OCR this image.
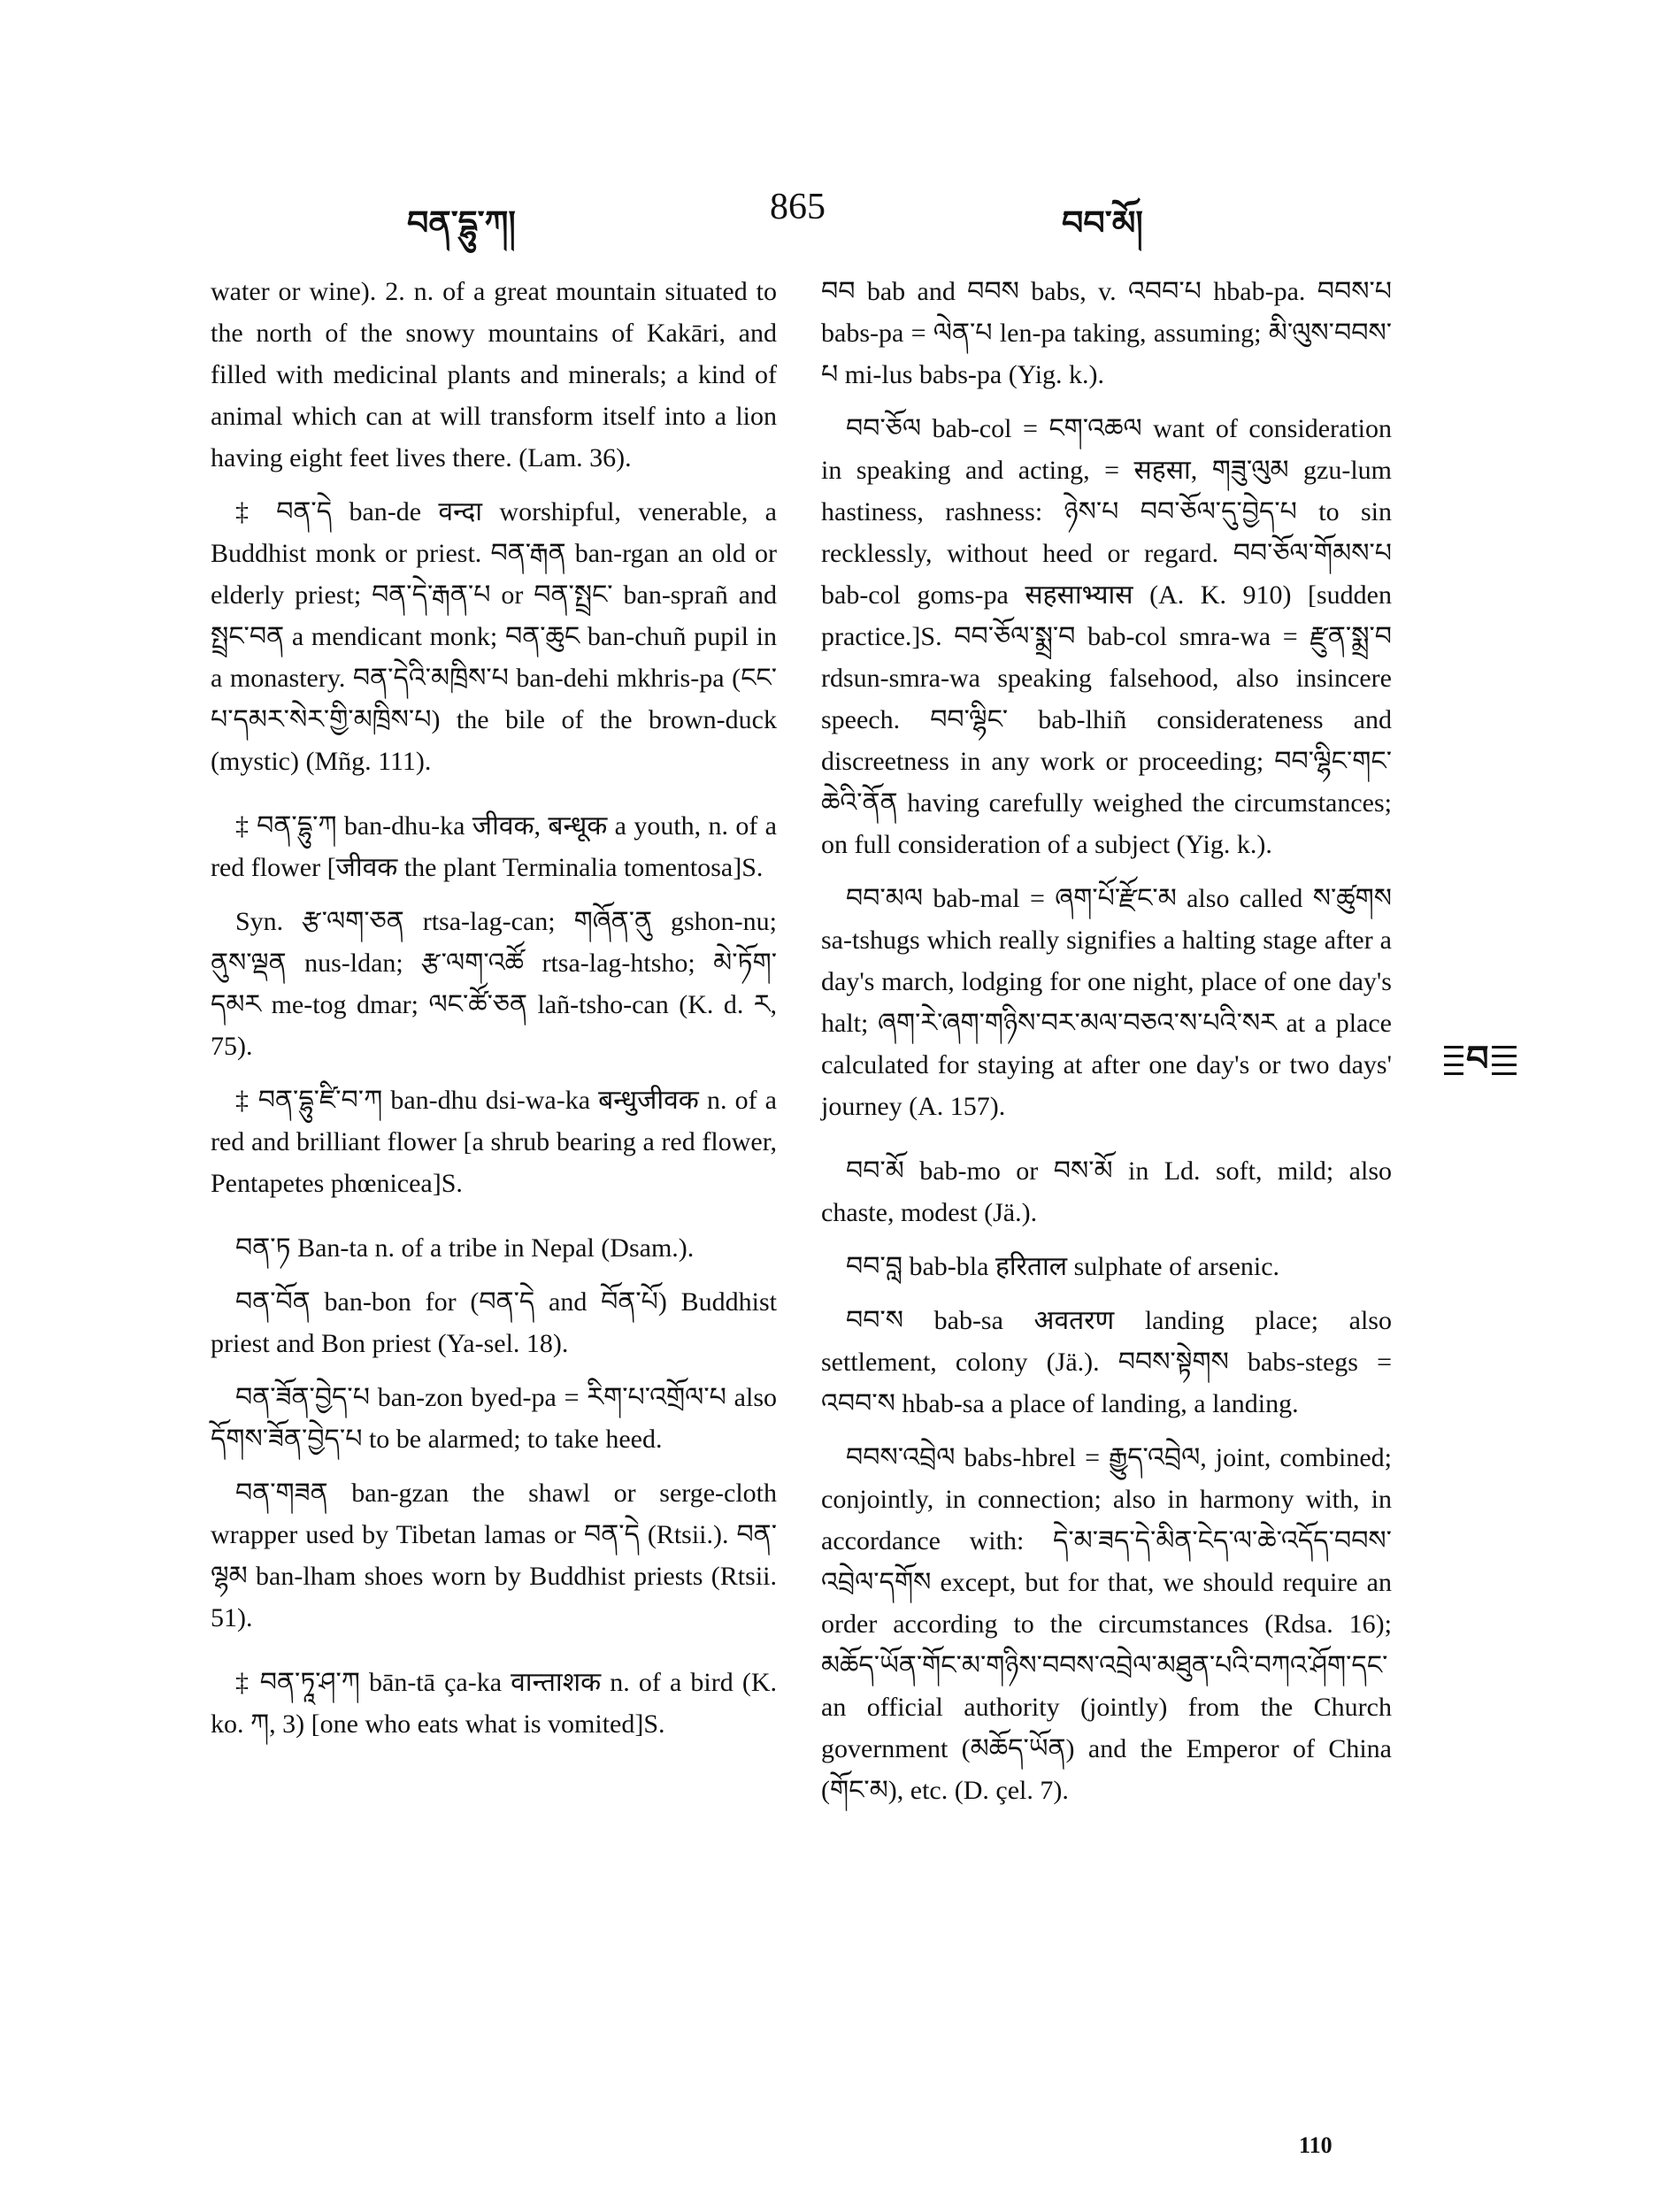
བན་དྷུ་ཀ།	865	བབ་མོ།

water or wine). 2. n. of a great mountain situated to the north of the snowy mountains of Kakāri, and filled with medicinal plants and minerals; a kind of animal which can at will transform itself into a lion having eight feet lives there. (Lam. 36).

‡ བན་དེ ban-de वन्दा worshipful, venerable, a Buddhist monk or priest. བན་རྒན ban-rgan an old or elderly priest; བན་དེ་རྒན་པ or བན་སྤྲང་ ban-sprañ and སྤྲང་བན a mendicant monk; བན་ཆུང ban-chuñ pupil in a monastery. བན་དེའི་མཁྲིས་པ ban-dehi mkhris-pa (ངང་པ་དམར་སེར་གྱི་མཁྲིས་པ) the bile of the brown-duck (mystic) (Mñg. 111).

‡ བན་དྷུ་ཀ ban-dhu-ka जीवक, बन्धूक a youth, n. of a red flower [जीवक the plant Terminalia tomentosa]S.

Syn. རྩ་ལག་ཅན rtsa-lag-can; གཞོན་ནུ gshon-nu; ནུས་ལྡན nus-ldan; རྩ་ལག་འཚོ rtsa-lag-htsho; མེ་ཏོག་དམར me-tog dmar; ལང་ཚོ་ཅན lañ-tsho-can (K. d. ར, 75).

‡ བན་དྷུ་ཛི་བ་ཀ ban-dhu dsi-wa-ka बन्धुजीवक n. of a red and brilliant flower [a shrub bearing a red flower, Pentapetes phœnicea]S.

བན་ཏ Ban-ta n. of a tribe in Nepal (Dsam.).

བན་བོན ban-bon for (བན་དེ and བོན་པོ) Buddhist priest and Bon priest (Ya-sel. 18).

བན་ཟོན་བྱེད་པ ban-zon byed-pa = རིག་པ་འགྲོལ་པ also དོགས་ཟོན་བྱེད་པ to be alarmed; to take heed.

བན་གཟན ban-gzan the shawl or serge-cloth wrapper used by Tibetan lamas or བན་དེ (Rtsii.). བན་ལྷམ ban-lham shoes worn by Buddhist priests (Rtsii. 51).

‡ བན་ཏཱ་ཤ་ཀ bān-tā ça-ka वान्ताशक n. of a bird (K. ko. ཀ, 3) [one who eats what is vomited]S.

བབ bab and བབས babs, v. འབབ་པ hbab-pa. བབས་པ babs-pa = ལེན་པ len-pa taking, assuming; མི་ལུས་བབས་པ mi-lus babs-pa (Yig. k.).

བབ་ཅོལ bab-col = ངག་འཆལ want of consideration in speaking and acting, = सहसा, གཟུ་ལུམ gzu-lum hastiness, rashness: ཉེས་པ བབ་ཅོལ་དུ་བྱེད་པ to sin recklessly, without heed or regard. བབ་ཅོལ་གོམས་པ bab-col goms-pa सहसाभ्यास (A. K. 910) [sudden practice.]S. བབ་ཅོལ་སྨྲ་བ bab-col smra-wa = རྫུན་སྨྲ་བ rdsun-smra-wa speaking falsehood, also insincere speech. བབ་ལྷིང་ bab-lhiñ considerateness and discreetness in any work or proceeding; བབ་ལྷིང་གང་ཆེའི་ནོན having carefully weighed the circumstances; on full consideration of a subject (Yig. k.).

བབ་མལ bab-mal = ཞག་པོ་རྫོང་མ also called ས་ཚུགས sa-tshugs which really signifies a halting stage after a day's march, lodging for one night, place of one day's halt; ཞག་རེ་ཞག་གཉིས་བར་མལ་བཅའ་ས་པའི་སར at a place calculated for staying at after one day's or two days' journey (A. 157).

བབ་མོ bab-mo or བས་མོ in Ld. soft, mild; also chaste, modest (Jä.).

བབ་བླ bab-bla हरिताल sulphate of arsenic.

བབ་ས bab-sa अवतरण landing place; also settlement, colony (Jä.). བབས་སྟེགས babs-stegs = འབབ་ས hbab-sa a place of landing, a landing.

བབས་འབྲེལ babs-hbrel = རྒྱུད་འབྲེལ, joint, combined; conjointly, in connection; also in harmony with, in accordance with: དེ་མ་ཟད་དེ་མིན་ངེད་ལ་ཆེ་འདོད་བབས་འབྲེལ་དགོས except, but for that, we should require an order according to the circumstances (Rdsa. 16); མཆོད་ཡོན་གོང་མ་གཉིས་བབས་འབྲེལ་མཐུན་པའི་བཀའ་ཤོག་དང་ an official authority (jointly) from the Church government (མཆོད་ཡོན) and the Emperor of China (གོང་མ), etc. (D. çel. 7).

བ
110
